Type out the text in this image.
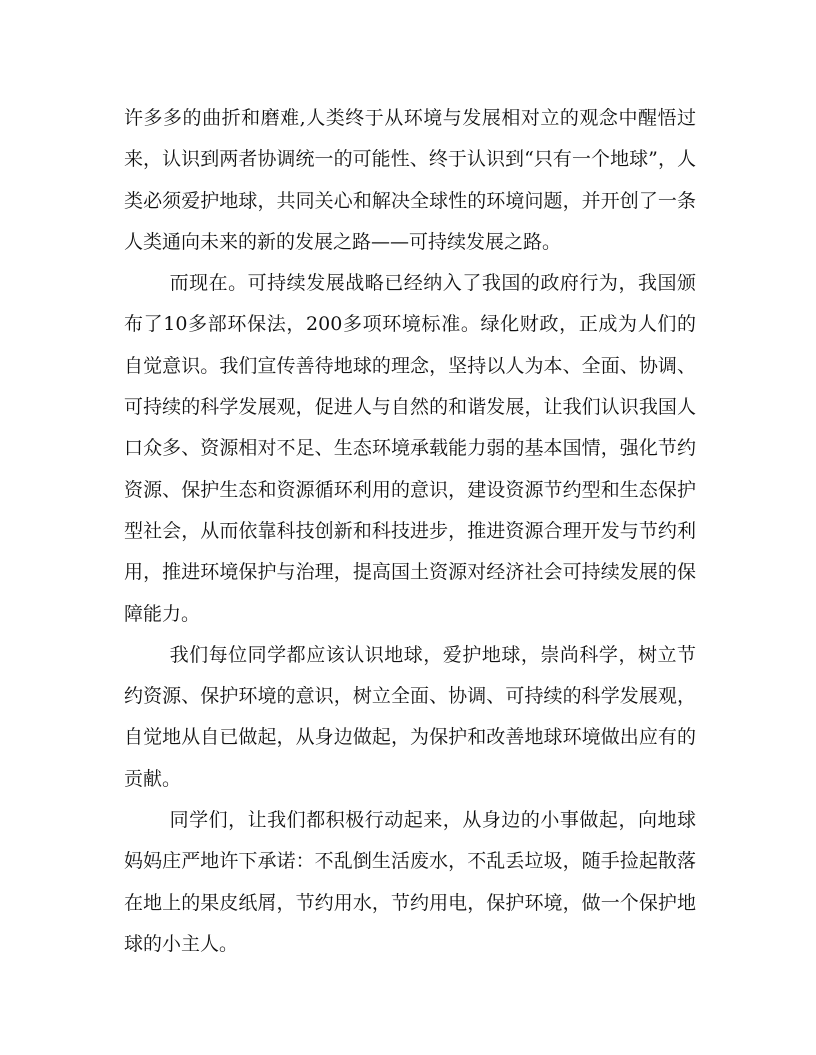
许多多的曲折和磨难,人类终于从环境与发展相对立的观念中醒悟过来，认识到两者协调统一的可能性、终于认识到“只有一个地球”，人类必须爱护地球，共同关心和解决全球性的环境问题，并开创了一条人类通向未来的新的发展之路——可持续发展之路。

而现在。可持续发展战略已经纳入了我国的政府行为，我国颁布了10多部环保法，200多项环境标准。绿化财政，正成为人们的自觉意识。我们宣传善待地球的理念，坚持以人为本、全面、协调、可持续的科学发展观，促进人与自然的和谐发展，让我们认识我国人口众多、资源相对不足、生态环境承载能力弱的基本国情，强化节约资源、保护生态和资源循环利用的意识，建设资源节约型和生态保护型社会，从而依靠科技创新和科技进步，推进资源合理开发与节约利用，推进环境保护与治理，提高国土资源对经济社会可持续发展的保障能力。

我们每位同学都应该认识地球，爱护地球，崇尚科学，树立节约资源、保护环境的意识，树立全面、协调、可持续的科学发展观，自觉地从自已做起，从身边做起，为保护和改善地球环境做出应有的贡献。

同学们，让我们都积极行动起来，从身边的小事做起，向地球妈妈庄严地许下承诺：不乱倒生活废水，不乱丢垃圾，随手捡起散落在地上的果皮纸屑，节约用水，节约用电，保护环境，做一个保护地球的小主人。
